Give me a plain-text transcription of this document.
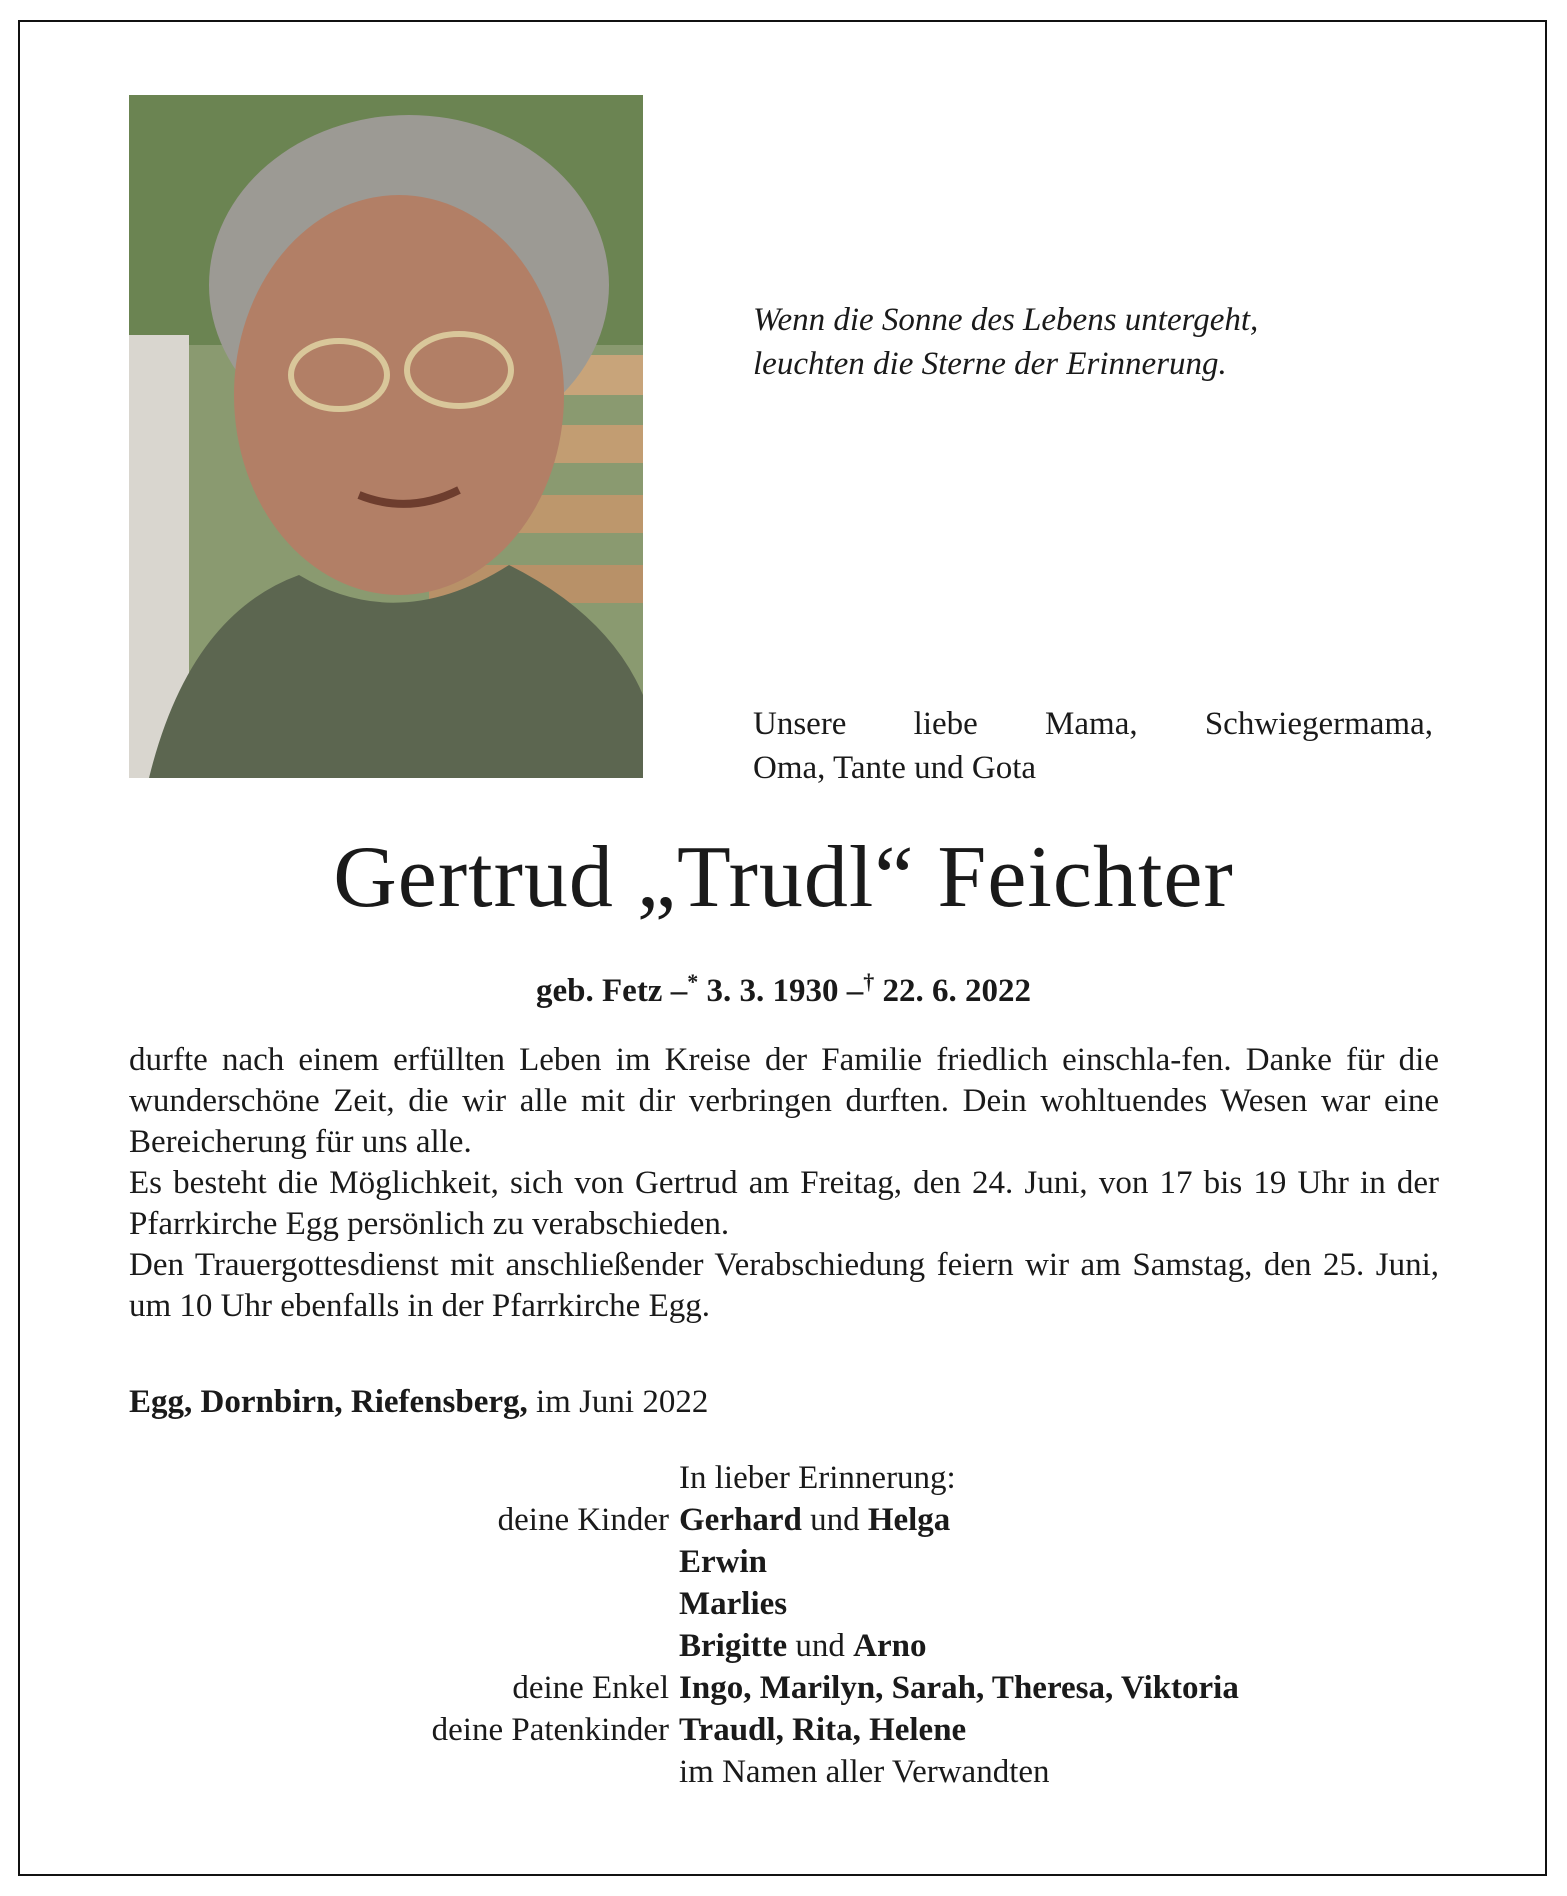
Wenn die Sonne des Lebens untergeht,
leuchten die Sterne der Erinnerung.
Unsere liebe Mama, Schwiegermama,
Oma, Tante und Gota
Gertrud „Trudl“ Feichter
geb. Fetz –* 3. 3. 1930 –† 22. 6. 2022

durfte nach einem erfüllten Leben im Kreise der Familie friedlich einschla-fen. Danke für die wunderschöne Zeit, die wir alle mit dir verbringen durften. Dein wohltuendes Wesen war eine Bereicherung für uns alle.

Es besteht die Möglichkeit, sich von Gertrud am Freitag, den 24. Juni, von 17 bis 19 Uhr in der Pfarrkirche Egg persönlich zu verabschieden.

Den Trauergottesdienst mit anschließender Verabschiedung feiern wir am Samstag, den 25. Juni, um 10 Uhr ebenfalls in der Pfarrkirche Egg.

Egg, Dornbirn, Riefensberg, im Juni 2022
In lieber Erinnerung:
deine Kinder Gerhard und Helga
Erwin
Marlies
Brigitte und Arno
deine Enkel Ingo, Marilyn, Sarah, Theresa, Viktoria
deine Patenkinder Traudl, Rita, Helene
im Namen aller Verwandten
